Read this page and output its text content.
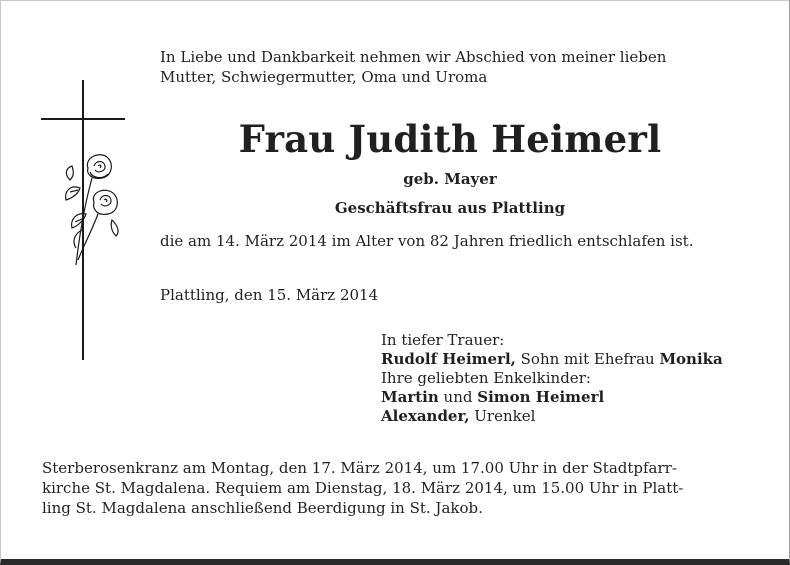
In Liebe und Dankbarkeit nehmen wir Abschied von meiner lieben
Mutter, Schwiegermutter, Oma und Uroma
Frau Judith Heimerl
geb. Mayer
Geschäftsfrau aus Plattling
die am 14. März 2014 im Alter von 82 Jahren friedlich entschlafen ist.
Plattling, den 15. März 2014
In tiefer Trauer:
Rudolf Heimerl, Sohn mit Ehefrau Monika
Ihre geliebten Enkelkinder:
Martin und Simon Heimerl
Alexander, Urenkel
Sterberosenkranz am Montag, den 17. März 2014, um 17.00 Uhr in der Stadtpfarr-
kirche St. Magdalena. Requiem am Dienstag, 18. März 2014, um 15.00 Uhr in Platt-
ling St. Magdalena anschließend Beerdigung in St. Jakob.
